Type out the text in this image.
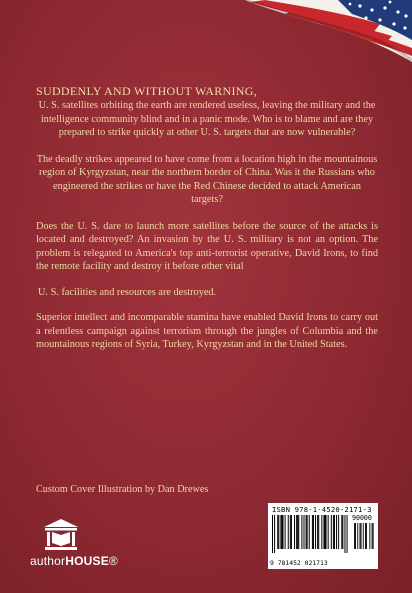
SUDDENLY AND WITHOUT WARNING,

U. S. satellites orbiting the earth are rendered useless, leaving the military and the intelligence community blind and in a panic mode. Who is to blame and are they prepared to strike quickly at other U. S. targets that are now vulnerable?

The deadly strikes appeared to have come from a location high in the mountainous region of Kyrgyzstan, near the northern border of China. Was it the Russians who engineered the strikes or have the Red Chinese decided to attack American targets?

Does the U. S. dare to launch more satellites before the source of the attacks is located and destroyed? An invasion by the U. S. military is not an option. The problem is relegated to America's top anti-terrorist operative, David Irons, to find the remote facility and destroy it before other vital

U. S. facilities and resources are destroyed.

Superior intellect and incomparable stamina have enabled David Irons to carry out a relentless campaign against terrorism through the jungles of Columbia and the mountainous regions of Syria, Turkey, Kyrgyzstan and in the United States.

Custom Cover Illustration by Dan Drewes
authorHOUSE®
ISBN 978-1-4520-2171-3
90000
9 781452 021713
